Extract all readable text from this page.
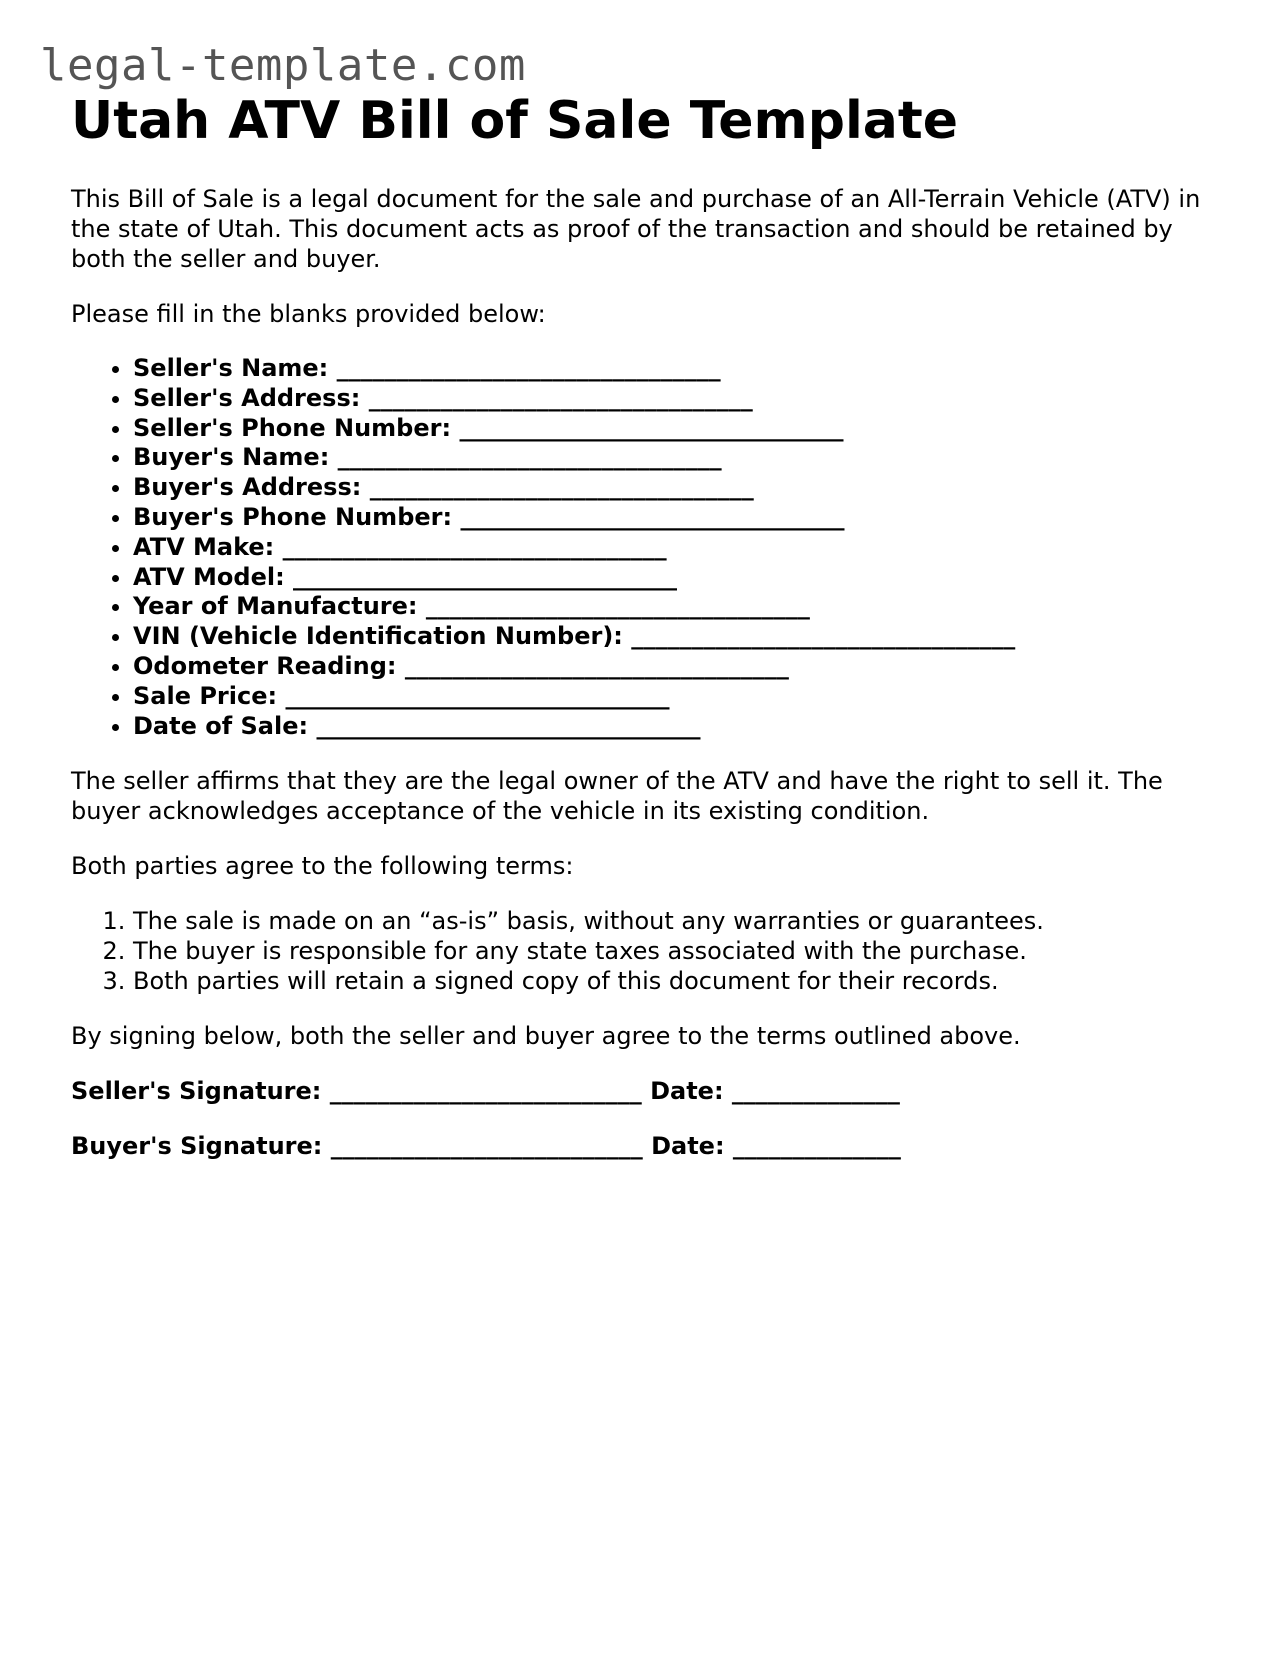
legal-template.com
Utah ATV Bill of Sale Template

This Bill of Sale is a legal document for the sale and purchase of an All-Terrain Vehicle (ATV) in the state of Utah. This document acts as proof of the transaction and should be retained by both the seller and buyer.

Please fill in the blanks provided below:

• Seller's Name: ________________________________
• Seller's Address: ________________________________
• Seller's Phone Number: ________________________________
• Buyer's Name: ________________________________
• Buyer's Address: ________________________________
• Buyer's Phone Number: ________________________________
• ATV Make: ________________________________
• ATV Model: ________________________________
• Year of Manufacture: ________________________________
• VIN (Vehicle Identification Number): ________________________________
• Odometer Reading: ________________________________
• Sale Price: ________________________________
• Date of Sale: ________________________________

The seller affirms that they are the legal owner of the ATV and have the right to sell it. The buyer acknowledges acceptance of the vehicle in its existing condition.

Both parties agree to the following terms:

1. The sale is made on an “as-is” basis, without any warranties or guarantees.
2. The buyer is responsible for any state taxes associated with the purchase.
3. Both parties will retain a signed copy of this document for their records.

By signing below, both the seller and buyer agree to the terms outlined above.

Seller's Signature: __________________________ Date: ______________
Buyer's Signature: __________________________ Date: ______________
